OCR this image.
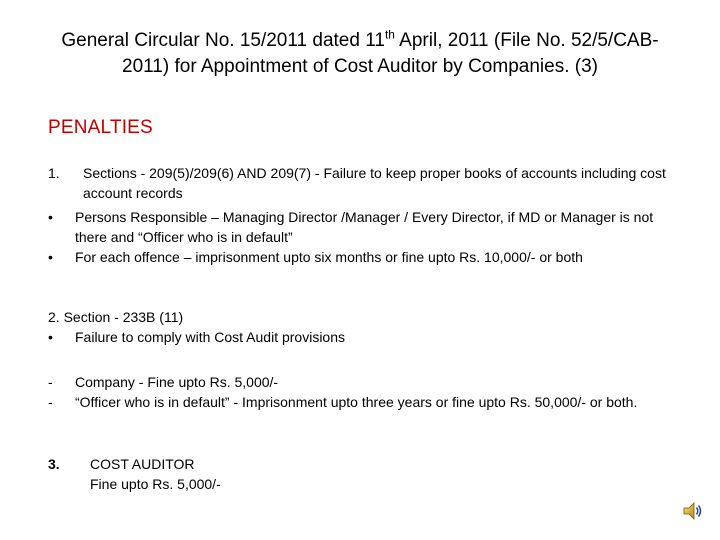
General Circular No. 15/2011 dated 11th April, 2011 (File No. 52/5/CAB-2011) for Appointment of Cost Auditor by Companies. (3)
PENALTIES
1. Sections - 209(5)/209(6) AND 209(7) - Failure to keep proper books of accounts including cost account records
• Persons Responsible – Managing Director /Manager / Every Director, if MD or Manager is not there and “Officer who is in default”
• For each offence – imprisonment upto six months or fine upto Rs. 10,000/- or both
2. Section - 233B (11)
• Failure to comply with Cost Audit provisions
- Company - Fine upto Rs. 5,000/-
- “Officer who is in default” - Imprisonment upto three years or fine upto Rs. 50,000/- or both.
3. COST AUDITOR
Fine upto Rs. 5,000/-
